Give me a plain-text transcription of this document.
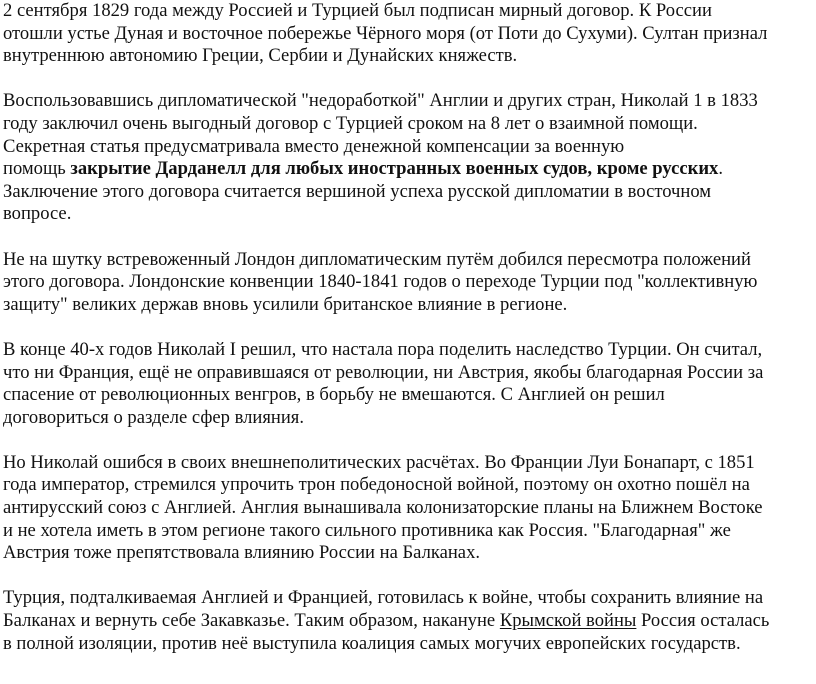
2 сентября 1829 года между Россией и Турцией был подписан мирный договор. К России
отошли устье Дуная и восточное побережье Чёрного моря (от Поти до Сухуми). Султан признал
внутреннюю автономию Греции, Сербии и Дунайских княжеств.
Воспользовавшись дипломатической "недоработкой" Англии и других стран, Николай 1 в 1833
году заключил очень выгодный договор с Турцией сроком на 8 лет о взаимной помощи.
Секретная статья предусматривала вместо денежной компенсации за военную
помощь закрытие Дарданелл для любых иностранных военных судов, кроме русских.
Заключение этого договора считается вершиной успеха русской дипломатии в восточном
вопросе.
Не на шутку встревоженный Лондон дипломатическим путём добился пересмотра положений
этого договора. Лондонские конвенции 1840-1841 годов о переходе Турции под "коллективную
защиту" великих держав вновь усилили британское влияние в регионе.
В конце 40-х годов Николай I решил, что настала пора поделить наследство Турции. Он считал,
что ни Франция, ещё не оправившаяся от революции, ни Австрия, якобы благодарная России за
спасение от революционных венгров, в борьбу не вмешаются. С Англией он решил
договориться о разделе сфер влияния.
Но Николай ошибся в своих внешнеполитических расчётах. Во Франции Луи Бонапарт, с 1851
года император, стремился упрочить трон победоносной войной, поэтому он охотно пошёл на
антирусский союз с Англией. Англия вынашивала колонизаторские планы на Ближнем Востоке
и не хотела иметь в этом регионе такого сильного противника как Россия. "Благодарная" же
Австрия тоже препятствовала влиянию России на Балканах.
Турция, подталкиваемая Англией и Францией, готовилась к войне, чтобы сохранить влияние на
Балканах и вернуть себе Закавказье. Таким образом, накануне Крымской войны Россия осталась
в полной изоляции, против неё выступила коалиция самых могучих европейских государств.
